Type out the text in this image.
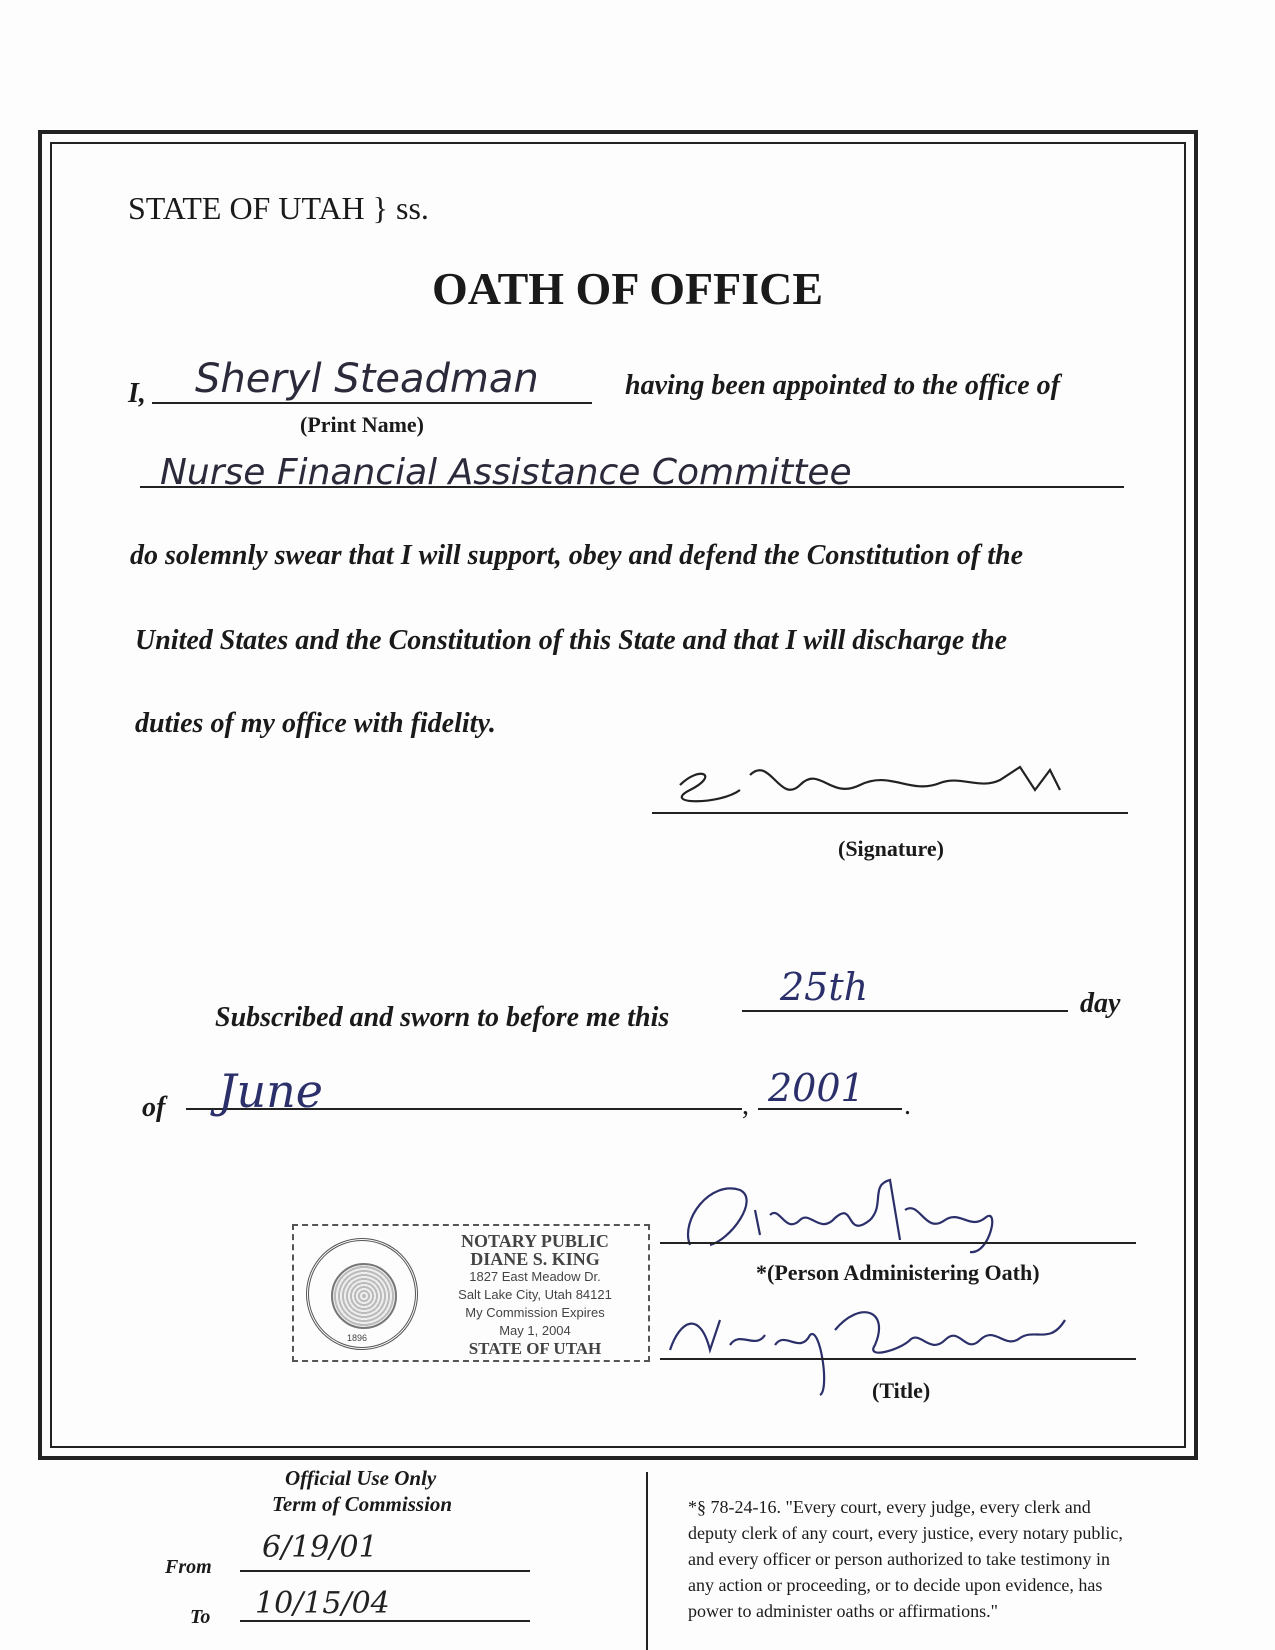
STATE OF UTAH } ss.
OATH OF OFFICE
I, Sheryl Steadman
(Print Name)
having been appointed to the office of
Nurse Financial Assistance Committee
do solemnly swear that I will support, obey and defend the Constitution of the
United States and the Constitution of this State and that I will discharge the
duties of my office with fidelity.
(Signature)
Subscribed and sworn to before me this
25th	day
of June	, 2001 .
1896
NOTARY PUBLIC
DIANE S. KING
1827 East Meadow Dr.
Salt Lake City, Utah 84121
My Commission Expires
May 1, 2004
STATE OF UTAH
*(Person Administering Oath)
(Title)
Official Use Only
Term of Commission
From
6/19/01
To 10/15/04
*§ 78-24-16. "Every court, every judge, every clerk and
deputy clerk of any court, every justice, every notary public,
and every officer or person authorized to take testimony in
any action or proceeding, or to decide upon evidence, has
power to administer oaths or affirmations."
